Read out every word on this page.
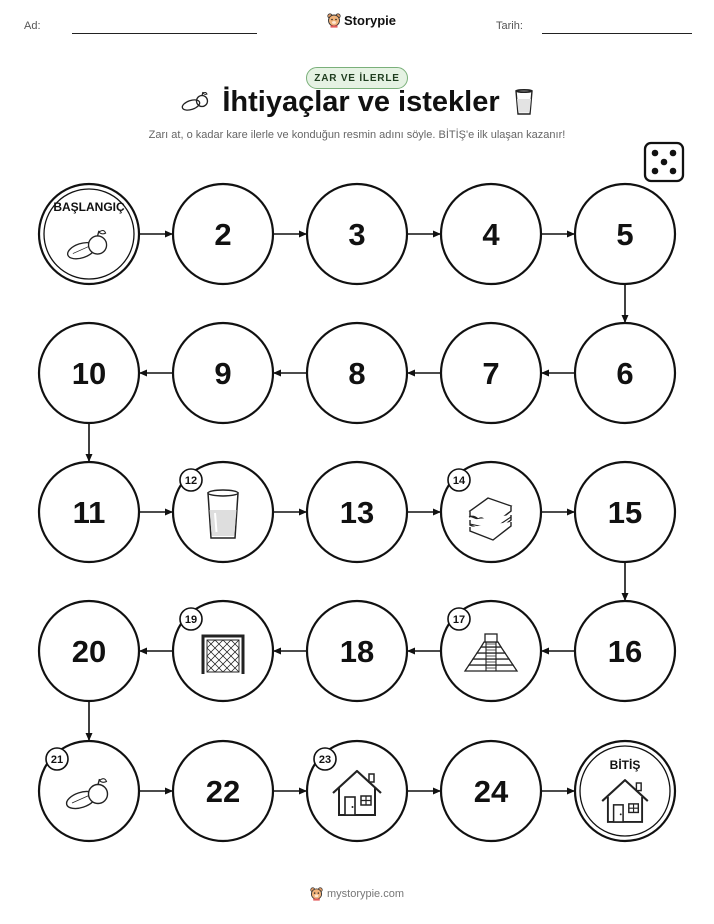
Ad:	Storypie	Tarih:
ZAR VE İLERLE
İhtiyaçlar ve istekler
Zarı at, o kadar kare ilerle ve konduğun resmin adını söyle. BİTİŞ'e ilk ulaşan kazanır!
BAŞLANGIÇ
2	3	4	5
6
7
8
9
10
11
12
13
14
15
16
17
18
19
20
21
22
23
24
BİTİŞ
mystorypie.com
